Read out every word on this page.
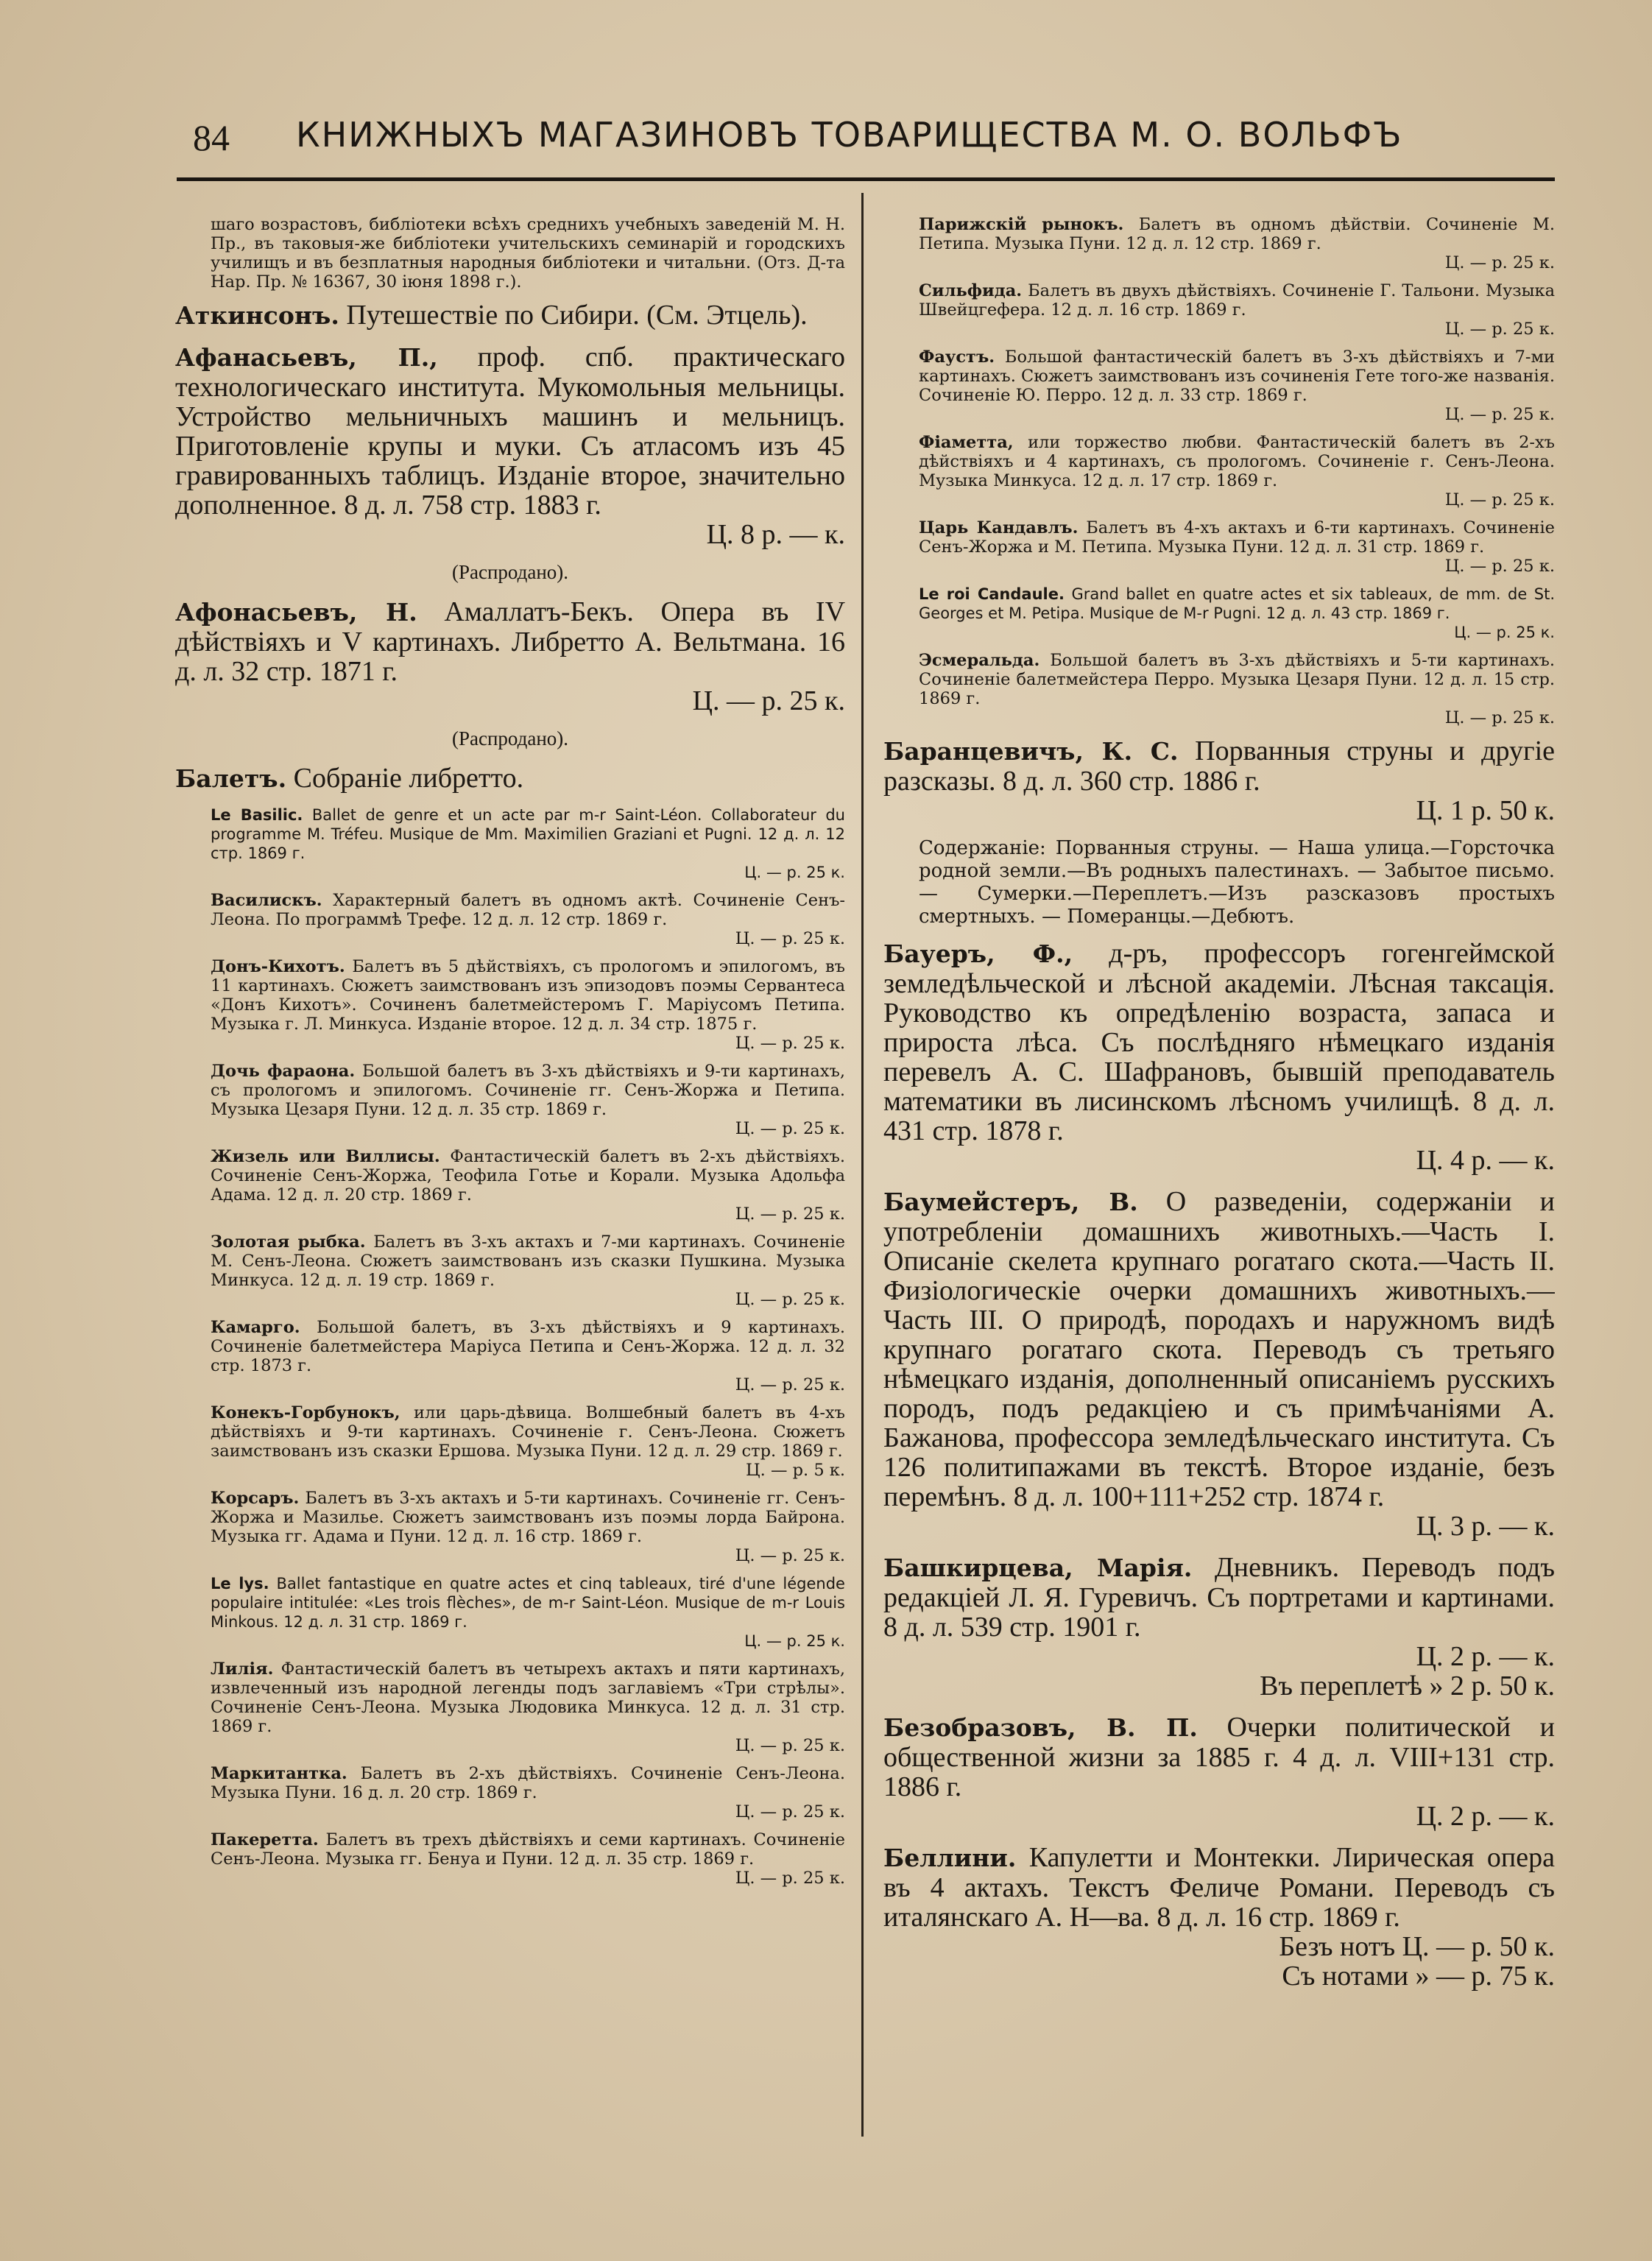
84 КНИЖНЫХЪ МАГАЗИНОВЪ ТОВАРИЩЕСТВА М. О. ВОЛЬФЪ
шаго возрастовъ, библіотеки всѣхъ среднихъ учебныхъ заведеній М. Н. Пр., въ таковыя-же библіотеки учительскихъ семинарій и городскихъ училищъ и въ безплатныя народныя библіотеки и читальни. (Отз. Д-та Нар. Пр. № 16367, 30 іюня 1898 г.).
Аткинсонъ. Путешествіе по Сибири. (См. Этцель).
Афанасьевъ, П., проф. спб. практическаго технологическаго института. Мукомольныя мельницы. Устройство мельничныхъ машинъ и мельницъ. Приготовленіе крупы и муки. Съ атласомъ изъ 45 гравированныхъ таблицъ. Изданіе второе, значительно дополненное. 8 д. л. 758 стр. 1883 г.
Ц. 8 р. — к.
(Распродано).
Афонасьевъ, Н. Амаллатъ-Бекъ. Опера въ IV дѣйствіяхъ и V картинахъ. Либретто А. Вельтмана. 16 д. л. 32 стр. 1871 г.
Ц. — р. 25 к.
(Распродано).
Балетъ. Собраніе либретто.
Le Basilic. Ballet de genre et un acte par m-r Saint-Léon. Collaborateur du programme M. Tréfeu. Musique de Mm. Maximilien Graziani et Pugni. 12 д. л. 12 стр. 1869 г.
Ц. — р. 25 к.
Василискъ. Характерный балетъ въ одномъ актѣ. Сочиненіе Сенъ-Леона. По программѣ Трефе. 12 д. л. 12 стр. 1869 г.
Ц. — р. 25 к.
Донъ-Кихотъ. Балетъ въ 5 дѣйствіяхъ, съ прологомъ и эпилогомъ, въ 11 картинахъ. Сюжетъ заимствованъ изъ эпизодовъ поэмы Сервантеса «Донъ Кихотъ». Сочиненъ балетмейстеромъ Г. Маріусомъ Петипа. Музыка г. Л. Минкуса. Изданіе второе. 12 д. л. 34 стр. 1875 г.
Ц. — р. 25 к.
Дочь фараона. Большой балетъ въ 3-хъ дѣйствіяхъ и 9-ти картинахъ, съ прологомъ и эпилогомъ. Сочиненіе гг. Сенъ-Жоржа и Петипа. Музыка Цезаря Пуни. 12 д. л. 35 стр. 1869 г.
Ц. — р. 25 к.
Жизель или Виллисы. Фантастическій балетъ въ 2-хъ дѣйствіяхъ. Сочиненіе Сенъ-Жоржа, Теофила Готье и Корали. Музыка Адольфа Адама. 12 д. л. 20 стр. 1869 г.
Ц. — р. 25 к.
Золотая рыбка. Балетъ въ 3-хъ актахъ и 7-ми картинахъ. Сочиненіе М. Сенъ-Леона. Сюжетъ заимствованъ изъ сказки Пушкина. Музыка Минкуса. 12 д. л. 19 стр. 1869 г.
Ц. — р. 25 к.
Камарго. Большой балетъ, въ 3-хъ дѣйствіяхъ и 9 картинахъ. Сочиненіе балетмейстера Маріуса Петипа и Сенъ-Жоржа. 12 д. л. 32 стр. 1873 г.
Ц. — р. 25 к.
Конекъ-Горбунокъ, или царь-дѣвица. Волшебный балетъ въ 4-хъ дѣйствіяхъ и 9-ти картинахъ. Сочиненіе г. Сенъ-Леона. Сюжетъ заимствованъ изъ сказки Ершова. Музыка Пуни. 12 д. л. 29 стр. 1869 г.
Ц. — р. 5 к.
Корсаръ. Балетъ въ 3-хъ актахъ и 5-ти картинахъ. Сочиненіе гг. Сенъ-Жоржа и Мазилье. Сюжетъ заимствованъ изъ поэмы лорда Байрона. Музыка гг. Адама и Пуни. 12 д. л. 16 стр. 1869 г.
Ц. — р. 25 к.
Le lys. Ballet fantastique en quatre actes et cinq tableaux, tiré d'une légende populaire intitulée: «Les trois flèches», de m-r Saint-Léon. Musique de m-r Louis Minkous. 12 д. л. 31 стр. 1869 г.
Ц. — р. 25 к.
Лилія. Фантастическій балетъ въ четырехъ актахъ и пяти картинахъ, извлеченный изъ народной легенды подъ заглавіемъ «Три стрѣлы». Сочиненіе Сенъ-Леона. Музыка Людовика Минкуса. 12 д. л. 31 стр. 1869 г.
Ц. — р. 25 к.
Маркитантка. Балетъ въ 2-хъ дѣйствіяхъ. Сочиненіе Сенъ-Леона. Музыка Пуни. 16 д. л. 20 стр. 1869 г.
Ц. — р. 25 к.
Пакеретта. Балетъ въ трехъ дѣйствіяхъ и семи картинахъ. Сочиненіе Сенъ-Леона. Музыка гг. Бенуа и Пуни. 12 д. л. 35 стр. 1869 г.
Ц. — р. 25 к.
Парижскій рынокъ. Балетъ въ одномъ дѣйствіи. Сочиненіе М. Петипа. Музыка Пуни. 12 д. л. 12 стр. 1869 г.
Ц. — р. 25 к.
Сильфида. Балетъ въ двухъ дѣйствіяхъ. Сочиненіе Г. Тальони. Музыка Швейцгефера. 12 д. л. 16 стр. 1869 г.
Ц. — р. 25 к.
Фаустъ. Большой фантастическій балетъ въ 3-хъ дѣйствіяхъ и 7-ми картинахъ. Сюжетъ заимствованъ изъ сочиненія Гете того-же названія. Сочиненіе Ю. Перро. 12 д. л. 33 стр. 1869 г.
Ц. — р. 25 к.
Фіаметта, или торжество любви. Фантастическій балетъ въ 2-хъ дѣйствіяхъ и 4 картинахъ, съ прологомъ. Сочиненіе г. Сенъ-Леона. Музыка Минкуса. 12 д. л. 17 стр. 1869 г.
Ц. — р. 25 к.
Царь Кандавлъ. Балетъ въ 4-хъ актахъ и 6-ти картинахъ. Сочиненіе Сенъ-Жоржа и М. Петипа. Музыка Пуни. 12 д. л. 31 стр. 1869 г.
Ц. — р. 25 к.
Le roi Candaule. Grand ballet en quatre actes et six tableaux, de mm. de St. Georges et M. Petipa. Musique de M-r Pugni. 12 д. л. 43 стр. 1869 г.
Ц. — р. 25 к.
Эсмеральда. Большой балетъ въ 3-хъ дѣйствіяхъ и 5-ти картинахъ. Сочиненіе балетмейстера Перро. Музыка Цезаря Пуни. 12 д. л. 15 стр. 1869 г.
Ц. — р. 25 к.
Баранцевичъ, К. С. Порванныя струны и другіе разсказы. 8 д. л. 360 стр. 1886 г.
Ц. 1 р. 50 к.
Содержаніе: Порванныя струны. — Наша улица.—Горсточка родной земли.—Въ родныхъ палестинахъ. — Забытое письмо. — Сумерки.—Переплетъ.—Изъ разсказовъ простыхъ смертныхъ. — Померанцы.—Дебютъ.
Бауеръ, Ф., д-ръ, профессоръ гогенгеймской земледѣльческой и лѣсной академіи. Лѣсная таксація. Руководство къ опредѣленію возраста, запаса и прироста лѣса. Съ послѣдняго нѣмецкаго изданія перевелъ А. С. Шафрановъ, бывшій преподаватель математики въ лисинскомъ лѣсномъ училищѣ. 8 д. л. 431 стр. 1878 г.
Ц. 4 р. — к.
Баумейстеръ, В. О разведеніи, содержаніи и употребленіи домашнихъ животныхъ.—Часть I. Описаніе скелета крупнаго рогатаго скота.—Часть II. Физіологическіе очерки домашнихъ животныхъ.—Часть III. О природѣ, породахъ и наружномъ видѣ крупнаго рогатаго скота. Переводъ съ третьяго нѣмецкаго изданія, дополненный описаніемъ русскихъ породъ, подъ редакціею и съ примѣчаніями А. Бажанова, профессора земледѣльческаго института. Съ 126 политипажами въ текстѣ. Второе изданіе, безъ перемѣнъ. 8 д. л. 100+111+252 стр. 1874 г.
Ц. 3 р. — к.
Башкирцева, Марія. Дневникъ. Переводъ подъ редакціей Л. Я. Гуревичъ. Съ портретами и картинами. 8 д. л. 539 стр. 1901 г.
Ц. 2 р. — к.
Въ переплетѣ » 2 р. 50 к.
Безобразовъ, В. П. Очерки политической и общественной жизни за 1885 г. 4 д. л. VIII+131 стр. 1886 г.
Ц. 2 р. — к.
Беллини. Капулетти и Монтекки. Лирическая опера въ 4 актахъ. Текстъ Феличе Романи. Переводъ съ италянскаго А. Н—ва. 8 д. л. 16 стр. 1869 г.
Безъ нотъ Ц. — р. 50 к.
Съ нотами » — р. 75 к.
